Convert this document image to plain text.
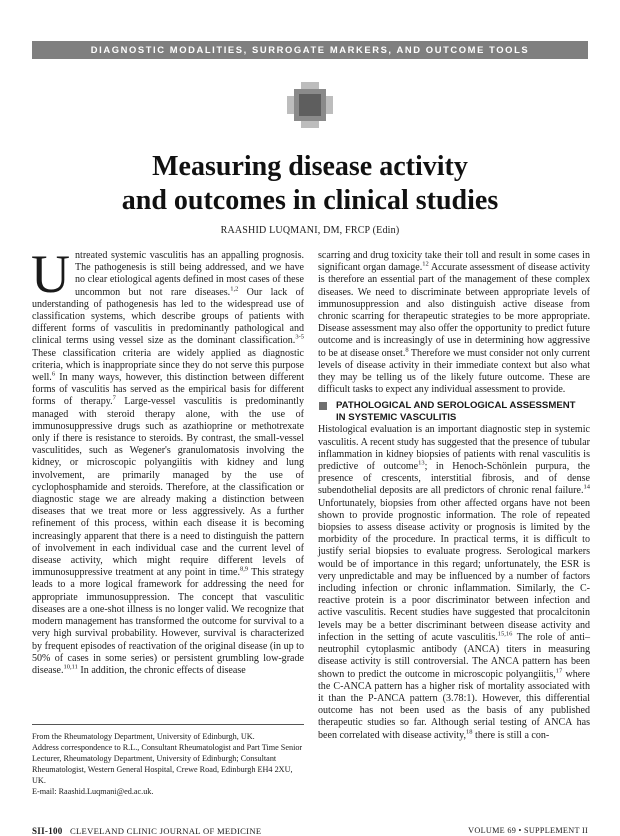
DIAGNOSTIC MODALITIES, SURROGATE MARKERS, AND OUTCOME TOOLS
Measuring disease activity
and outcomes in clinical studies
RAASHID LUQMANI, DM, FRCP (Edin)

Untreated systemic vasculitis has an appalling prognosis. The pathogenesis is still being addressed, and we have no clear etiological agents defined in most cases of these uncommon but not rare diseases.$^{1,2}$ Our lack of understanding of pathogenesis has led to the widespread use of classification systems, which describe groups of patients with different forms of vasculitis in predominantly pathological and clinical terms using vessel size as the dominant classification.$^{3-5}$ These classification criteria are widely applied as diagnostic criteria, which is inappropriate since they do not serve this purpose well.$^6$ In many ways, however, this distinction between different forms of vasculitis has served as the empirical basis for different forms of therapy.$^7$ Large-vessel vasculitis is predominantly managed with steroid therapy alone, with the use of immunosuppressive drugs such as azathioprine or methotrexate only if there is resistance to steroids. By contrast, the small-vessel vasculitides, such as Wegener's granulomatosis involving the kidney, or microscopic polyangiitis with kidney and lung involvement, are primarily managed by the use of cyclophosphamide and steroids. Therefore, at the classification or diagnostic stage we are already making a distinction between diseases that we treat more or less aggressively. As a further refinement of this process, within each disease it is becoming increasingly apparent that there is a need to distinguish the pattern of involvement in each individual case and the current level of disease activity, which might require different levels of immunosuppressive treatment at any point in time.$^{8,9}$ This strategy leads to a more logical framework for addressing the need for appropriate immunosuppression. The concept that vasculitic diseases are a one-shot illness is no longer valid. We recognize that modern management has transformed the outcome for survival to a very high survival probability. However, survival is characterized by frequent episodes of reactivation of the original disease (in up to 50% of cases in some series) or persistent grumbling low-grade disease.$^{10,11}$ In addition, the chronic effects of disease

scarring and drug toxicity take their toll and result in some cases in significant organ damage.$^{12}$ Accurate assessment of disease activity is therefore an essential part of the management of these complex diseases. We need to discriminate between appropriate levels of immunosuppression and also distinguish active disease from chronic scarring for therapeutic strategies to be more appropriate. Disease assessment may also offer the opportunity to predict future outcome and is increasingly of use in determining how aggressive to be at disease onset.$^8$ Therefore we must consider not only current levels of disease activity in their immediate context but also what they may be telling us of the likely future outcome. These are difficult tasks to expect any individual assessment to provide.

PATHOLOGICAL AND SEROLOGICAL ASSESSMENT
IN SYSTEMIC VASCULITIS

Histological evaluation is an important diagnostic step in systemic vasculitis. A recent study has suggested that the presence of tubular inflammation in kidney biopsies of patients with renal vasculitis is predictive of outcome$^{13}$; in Henoch-Schönlein purpura, the presence of crescents, interstitial fibrosis, and of dense subendothelial deposits are all predictors of chronic renal failure.$^{14}$ Unfortunately, biopsies from other affected organs have not been shown to provide prognostic information. The role of repeated biopsies to assess disease activity or prognosis is limited by the morbidity of the procedure. In practical terms, it is difficult to justify serial biopsies to evaluate progress. Serological markers would be of importance in this regard; unfortunately, the ESR is very unpredictable and may be influenced by a number of factors including infection or chronic inflammation. Similarly, the C-reactive protein is a poor discriminator between infection and active vasculitis. Recent studies have suggested that procalcitonin levels may be a better discriminant between disease activity and infection in the setting of acute vasculitis.$^{15,16}$ The role of anti–neutrophil cytoplasmic antibody (ANCA) titers in measuring disease activity is still controversial. The ANCA pattern has been shown to predict the outcome in microscopic polyangiitis,$^{17}$ where the C-ANCA pattern has a higher risk of mortality associated with it than the P-ANCA pattern (3.78:1). However, this differential outcome has not been used as the basis of any published therapeutic studies so far. Although serial testing of ANCA has been correlated with disease activity,$^{18}$ there is still a con-

From the Rheumatology Department, University of Edinburgh, UK.

Address correspondence to R.L., Consultant Rheumatologist and Part Time Senior Lecturer, Rheumatology Department, University of Edinburgh; Consultant Rheumatologist, Western General Hospital, Crewe Road, Edinburgh EH4 2XU, UK.

E-mail: Raashid.Luqmani@ed.ac.uk.

SII-100 CLEVELAND CLINIC JOURNAL OF MEDICINE	VOLUME 69 • SUPPLEMENT II
